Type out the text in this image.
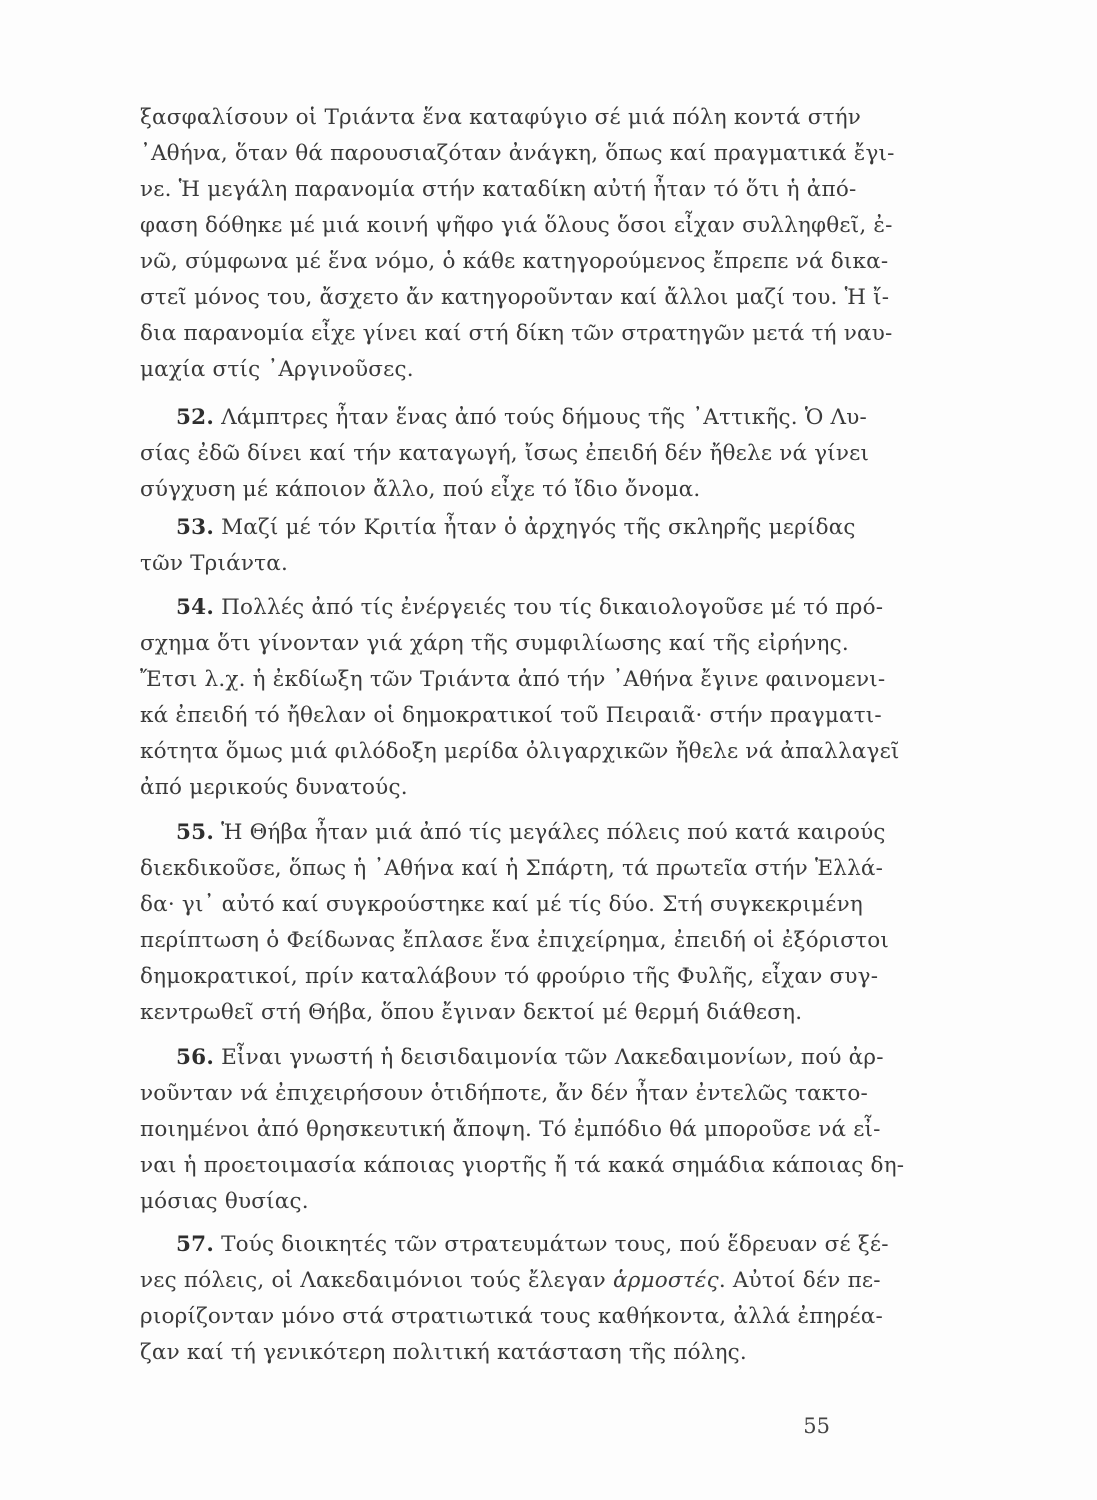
ξασφαλίσουν οἱ Τριάντα ἕνα καταφύγιο σέ μιά πόλη κοντά στήν
᾽Αθήνα, ὅταν θά παρουσιαζόταν ἀνάγκη, ὅπως καί πραγματικά ἔγι-
νε. Ἡ μεγάλη παρανομία στήν καταδίκη αὐτή ἦταν τό ὅτι ἡ ἀπό-
φαση δόθηκε μέ μιά κοινή ψῆφο γιά ὅλους ὅσοι εἶχαν συλληφθεῖ, ἐ-
νῶ, σύμφωνα μέ ἕνα νόμο, ὁ κάθε κατηγορούμενος ἔπρεπε νά δικα-
στεῖ μόνος του, ἄσχετο ἄν κατηγοροῦνταν καί ἄλλοι μαζί του. Ἡ ἴ-
δια παρανομία εἶχε γίνει καί στή δίκη τῶν στρατηγῶν μετά τή ναυ-
μαχία στίς ᾽Αργινοῦσες.
52. Λάμπτρες ἦταν ἕνας ἀπό τούς δήμους τῆς ᾽Αττικῆς. Ὁ Λυ-
σίας ἐδῶ δίνει καί τήν καταγωγή, ἴσως ἐπειδή δέν ἤθελε νά γίνει
σύγχυση μέ κάποιον ἄλλο, πού εἶχε τό ἴδιο ὄνομα.
53. Μαζί μέ τόν Κριτία ἦταν ὁ ἀρχηγός τῆς σκληρῆς μερίδας
τῶν Τριάντα.
54. Πολλές ἀπό τίς ἐνέργειές του τίς δικαιολογοῦσε μέ τό πρό-
σχημα ὅτι γίνονταν γιά χάρη τῆς συμφιλίωσης καί τῆς εἰρήνης.
Ἔτσι λ.χ. ἡ ἐκδίωξη τῶν Τριάντα ἀπό τήν ᾽Αθήνα ἔγινε φαινομενι-
κά ἐπειδή τό ἤθελαν οἱ δημοκρατικοί τοῦ Πειραιᾶ· στήν πραγματι-
κότητα ὅμως μιά φιλόδοξη μερίδα ὀλιγαρχικῶν ἤθελε νά ἀπαλλαγεῖ
ἀπό μερικούς δυνατούς.
55. Ἡ Θήβα ἦταν μιά ἀπό τίς μεγάλες πόλεις πού κατά καιρούς
διεκδικοῦσε, ὅπως ἡ ᾽Αθήνα καί ἡ Σπάρτη, τά πρωτεῖα στήν Ἑλλά-
δα· γι᾽ αὐτό καί συγκρούστηκε καί μέ τίς δύο. Στή συγκεκριμένη
περίπτωση ὁ Φείδωνας ἔπλασε ἕνα ἐπιχείρημα, ἐπειδή οἱ ἐξόριστοι
δημοκρατικοί, πρίν καταλάβουν τό φρούριο τῆς Φυλῆς, εἶχαν συγ-
κεντρωθεῖ στή Θήβα, ὅπου ἔγιναν δεκτοί μέ θερμή διάθεση.
56. Εἶναι γνωστή ἡ δεισιδαιμονία τῶν Λακεδαιμονίων, πού ἀρ-
νοῦνταν νά ἐπιχειρήσουν ὁτιδήποτε, ἄν δέν ἦταν ἐντελῶς τακτο-
ποιημένοι ἀπό θρησκευτική ἄποψη. Τό ἐμπόδιο θά μποροῦσε νά εἶ-
ναι ἡ προετοιμασία κάποιας γιορτῆς ἤ τά κακά σημάδια κάποιας δη-
μόσιας θυσίας.
57. Τούς διοικητές τῶν στρατευμάτων τους, πού ἕδρευαν σέ ξέ-
νες πόλεις, οἱ Λακεδαιμόνιοι τούς ἔλεγαν ἁρμοστές. Αὐτοί δέν πε-
ριορίζονταν μόνο στά στρατιωτικά τους καθήκοντα, ἀλλά ἐπηρέα-
ζαν καί τή γενικότερη πολιτική κατάσταση τῆς πόλης.
55
